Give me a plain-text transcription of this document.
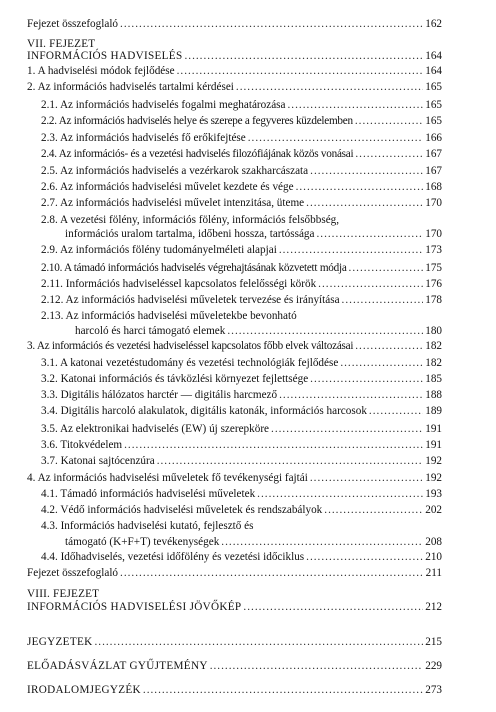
Fejezet összefoglaló .....	162
VII. FEJEZET
INFORMÁCIÓS HADVISELÉS .....	164
1. A hadviselési módok fejlődése .....	164
2. Az információs hadviselés tartalmi kérdései .....	165
2.1. Az információs hadviselés fogalmi meghatározása .....	165
2.2. Az információs hadviselés helye és szerepe a fegyveres küzdelemben .....	165
2.3. Az információs hadviselés fő erőkifejtése .....	166
2.4. Az információs- és a vezetési hadviselés filozófiájának közös vonásai .....	167
2.5. Az információs hadviselés a vezérkarok szakharcászata .....	167
2.6. Az információs hadviselési művelet kezdete és vége .....	168
2.7. Az információs hadviselési művelet intenzitása, üteme .....	170
2.8. A vezetési fölény, információs fölény, információs felsőbbség,
információs uralom tartalma, időbeni hossza, tartóssága .....	170
2.9. Az információs fölény tudományelméleti alapjai .....	173
2.10. A támadó információs hadviselés végrehajtásának közvetett módja .....	175
2.11. Információs hadviseléssel kapcsolatos felelősségi körök .....	176
2.12. Az információs hadviselési műveletek tervezése és irányítása .....	178
2.13. Az információs hadviselési műveletekbe bevonható
harcoló és harci támogató elemek .....	180
3. Az információs és vezetési hadviseléssel kapcsolatos főbb elvek változásai .....	182
3.1. A katonai vezetéstudomány és vezetési technológiák fejlődése .....	182
3.2. Katonai információs és távközlési környezet fejlettsége .....	185
3.3. Digitális hálózatos harctér — digitális harcmező .....	188
3.4. Digitális harcoló alakulatok, digitális katonák, információs harcosok .....	189
3.5. Az elektronikai hadviselés (EW) új szerepköre .....	191
3.6. Titokvédelem .....	191
3.7. Katonai sajtócenzúra .....	192
4. Az információs hadviselési műveletek fő tevékenységi fajtái .....	192
4.1. Támadó információs hadviselési műveletek .....	193
4.2. Védő információs hadviselési műveletek és rendszabályok .....	202
4.3. Információs hadviselési kutató, fejlesztő és
támogató (K+F+T) tevékenységek .....	208
4.4. Időhadviselés, vezetési időfölény és vezetési időciklus .....	210
Fejezet összefoglaló .....	211
VIII. FEJEZET
INFORMÁCIÓS HADVISELÉSI JÖVŐKÉP .....	212
JEGYZETEK .....	215
ELŐADÁSVÁZLAT GYŰJTEMÉNY .....	229
IRODALOMJEGYZÉK .....	273
